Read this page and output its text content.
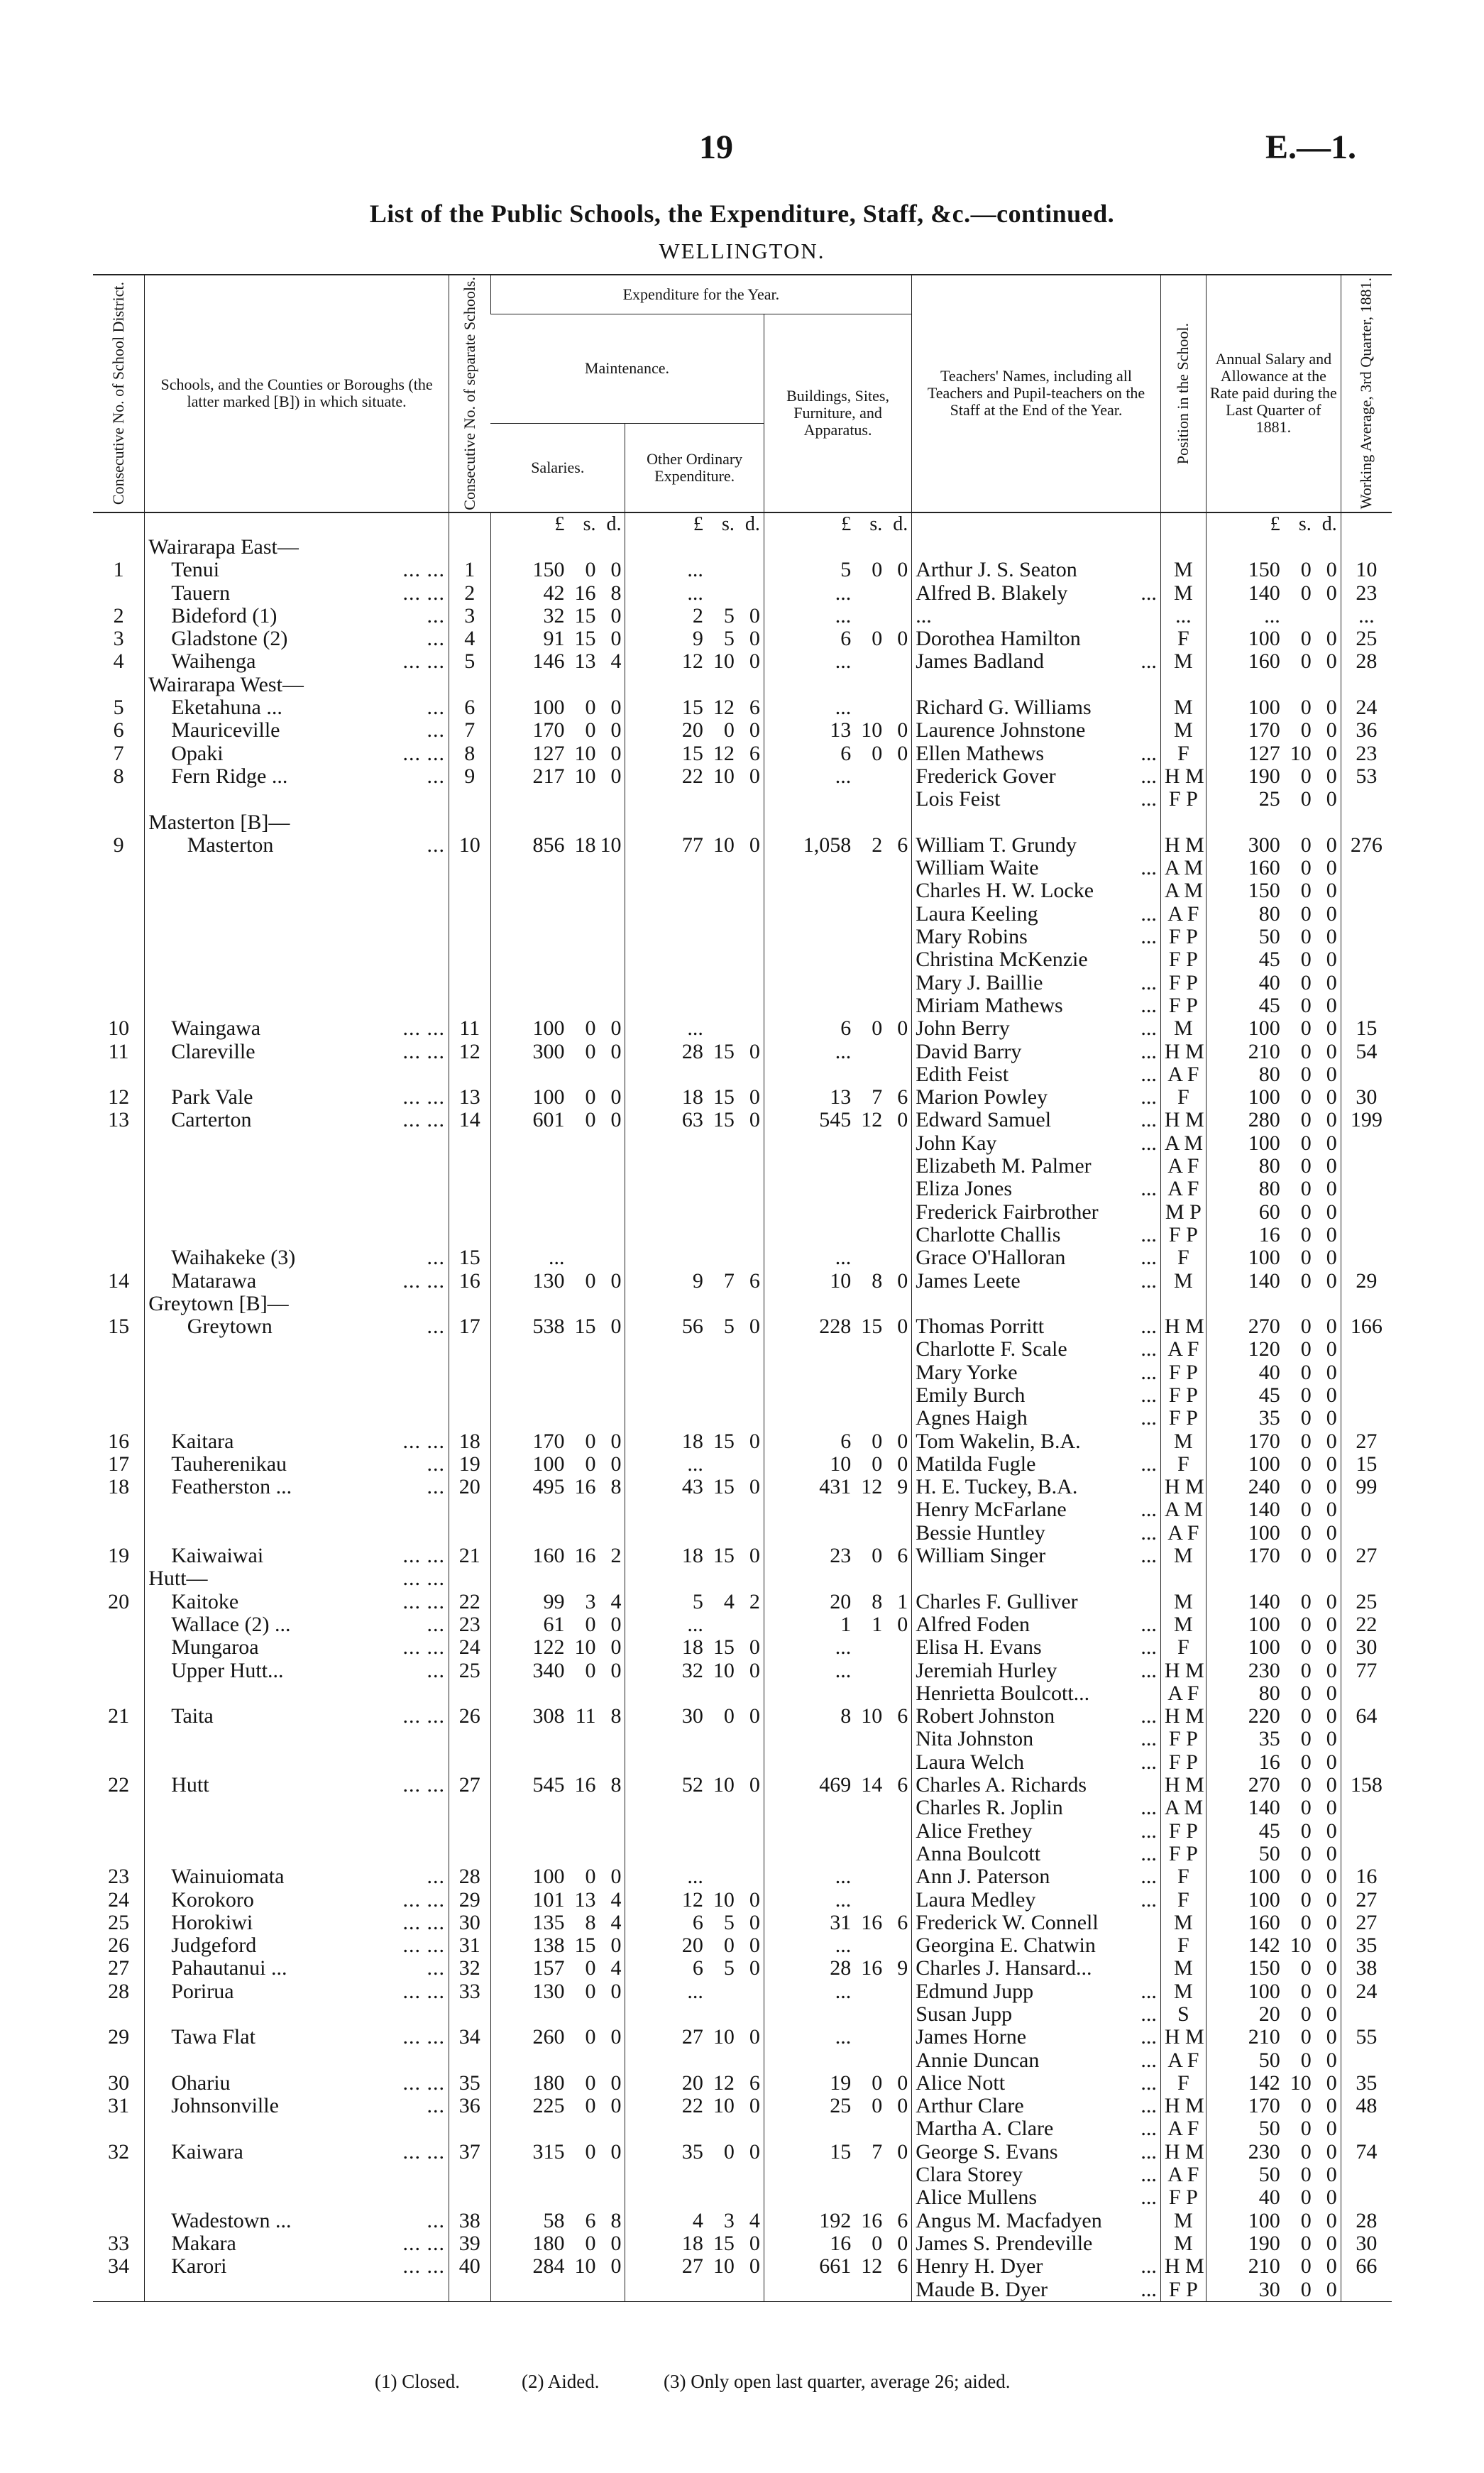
19	E.—1.
List of the Public Schools, the Expenditure, Staff, &c.—continued.
WELLINGTON.
Consecutive No. of School District.	Schools, and the Counties or Boroughs (the latter marked [B]) in which situate.	Consecutive No. of separate Schools.	Expenditure for the Year.			Teachers' Names, including all Teachers and Pupil-teachers on the Staff at the End of the Year.	Position in the School.	Annual Salary and Allowance at the Rate paid during the Last Quarter of 1881.	Working Average, 3rd Quarter, 1881.

			Maintenance.		Buildings, Sites, Furniture, and Apparatus.				
			Salaries.	Other Ordinary Expenditure.					

			£ s. d.	£ s. d.	£ s. d.			£ s. d.	

	Wairarapa East—								

1	Tenui ... ...	1	150 0 0	...	5 0 0	Arthur J. S. Seaton	M	150 0 0	10

	Tauern ... ...	2	42 16 8	...	...	Alfred B. Blakely ...	M	140 0 0	23
2	Bideford (1) ...	3	32 15 0	2 5 0	...	...	...	...	...
3	Gladstone (2) ...	4	91 15 0	9 5 0	6 0 0	Dorothea Hamilton	F	100 0 0	25
4	Waihenga ... ...	5	146 13 4	12 10 0	...	James Badland ...	M	160 0 0	28

	Wairarapa West—								

5	Eketahuna ... ...	6	100 0 0	15 12 6	...	Richard G. Williams	M	100 0 0	24
6	Mauriceville ...	7	170 0 0	20 0 0	13 10 0	Laurence Johnstone	M	170 0 0	36
7	Opaki ... ...	8	127 10 0	15 12 6	6 0 0	Ellen Mathews ...	F	127 10 0	23
8	Fern Ridge ... ...	9	217 10 0	22 10 0	...	Frederick Gover ...	H M	190 0 0	53

						Lois Feist ...	F P	25 0 0	

	Masterton [B]—								

9	Masterton ...	10	856 18 10	77 10 0	1,058 2 6	William T. Grundy	H M	300 0 0	276

						William Waite ...	A M	160 0 0	

						Charles H. W. Locke	A M	150 0 0	

						Laura Keeling ...	A F	80 0 0	

						Mary Robins ...	F P	50 0 0	

						Christina McKenzie	F P	45 0 0	

						Mary J. Baillie ...	F P	40 0 0	

						Miriam Mathews ...	F P	45 0 0	

10	Waingawa ... ...	11	100 0 0	...	6 0 0	John Berry ...	M	100 0 0	15
11	Clareville ... ...	12	300 0 0	28 15 0	...	David Barry ...	H M	210 0 0	54

						Edith Feist ...	A F	80 0 0	

12	Park Vale ... ...	13	100 0 0	18 15 0	13 7 6	Marion Powley ...	F	100 0 0	30
13	Carterton ... ...	14	601 0 0	63 15 0	545 12 0	Edward Samuel ...	H M	280 0 0	199

						John Kay ...	A M	100 0 0	

						Elizabeth M. Palmer	A F	80 0 0	

						Eliza Jones ...	A F	80 0 0	

						Frederick Fairbrother	M P	60 0 0	

						Charlotte Challis ...	F P	16 0 0	

	Waihakeke (3) ...	15	...		...	Grace O'Halloran ...	F	100 0 0	

14	Matarawa ... ...	16	130 0 0	9 7 6	10 8 0	James Leete ...	M	140 0 0	29

	Greytown [B]—								

15	Greytown ...	17	538 15 0	56 5 0	228 15 0	Thomas Porritt ...	H M	270 0 0	166

						Charlotte F. Scale ...	A F	120 0 0	

						Mary Yorke ...	F P	40 0 0	

						Emily Burch ...	F P	45 0 0	

						Agnes Haigh ...	F P	35 0 0	

16	Kaitara ... ...	18	170 0 0	18 15 0	6 0 0	Tom Wakelin, B.A.	M	170 0 0	27
17	Tauherenikau ...	19	100 0 0	...	10 0 0	Matilda Fugle ...	F	100 0 0	15
18	Featherston ... ...	20	495 16 8	43 15 0	431 12 9	H. E. Tuckey, B.A.	H M	240 0 0	99

						Henry McFarlane ...	A M	140 0 0	

						Bessie Huntley ...	A F	100 0 0	

19	Kaiwaiwai ... ...	21	160 16 2	18 15 0	23 0 6	William Singer ...	M	170 0 0	27

	Hutt— ... ...								

20	Kaitoke ... ...	22	99 3 4	5 4 2	20 8 1	Charles F. Gulliver	M	140 0 0	25

	Wallace (2) ... ...	23	61 0 0	...	1 1 0	Alfred Foden ...	M	100 0 0	22

	Mungaroa ... ...	24	122 10 0	18 15 0	...	Elisa H. Evans ...	F	100 0 0	30

	Upper Hutt... ...	25	340 0 0	32 10 0	...	Jeremiah Hurley ...	H M	230 0 0	77

						Henrietta Boulcott...	A F	80 0 0	

21	Taita ... ...	26	308 11 8	30 0 0	8 10 6	Robert Johnston ...	H M	220 0 0	64

						Nita Johnston ...	F P	35 0 0	

						Laura Welch ...	F P	16 0 0	

22	Hutt ... ...	27	545 16 8	52 10 0	469 14 6	Charles A. Richards	H M	270 0 0	158

						Charles R. Joplin ...	A M	140 0 0	

						Alice Frethey ...	F P	45 0 0	

						Anna Boulcott ...	F P	50 0 0	

23	Wainuiomata ...	28	100 0 0	...	...	Ann J. Paterson ...	F	100 0 0	16
24	Korokoro ... ...	29	101 13 4	12 10 0	...	Laura Medley ...	F	100 0 0	27
25	Horokiwi ... ...	30	135 8 4	6 5 0	31 16 6	Frederick W. Connell	M	160 0 0	27
26	Judgeford ... ...	31	138 15 0	20 0 0	...	Georgina E. Chatwin	F	142 10 0	35
27	Pahautanui ... ...	32	157 0 4	6 5 0	28 16 9	Charles J. Hansard...	M	150 0 0	38
28	Porirua ... ...	33	130 0 0	...	...	Edmund Jupp ...	M	100 0 0	24

						Susan Jupp ...	S	20 0 0	

29	Tawa Flat ... ...	34	260 0 0	27 10 0	...	James Horne ...	H M	210 0 0	55

						Annie Duncan ...	A F	50 0 0	

30	Ohariu ... ...	35	180 0 0	20 12 6	19 0 0	Alice Nott ...	F	142 10 0	35
31	Johnsonville ...	36	225 0 0	22 10 0	25 0 0	Arthur Clare ...	H M	170 0 0	48

						Martha A. Clare ...	A F	50 0 0	

32	Kaiwara ... ...	37	315 0 0	35 0 0	15 7 0	George S. Evans ...	H M	230 0 0	74

						Clara Storey ...	A F	50 0 0	

						Alice Mullens ...	F P	40 0 0	

	Wadestown ... ...	38	58 6 8	4 3 4	192 16 6	Angus M. Macfadyen	M	100 0 0	28
33	Makara ... ...	39	180 0 0	18 15 0	16 0 0	James S. Prendeville	M	190 0 0	30
34	Karori ... ...	40	284 10 0	27 10 0	661 12 6	Henry H. Dyer ...	H M	210 0 0	66

						Maude B. Dyer ...	F P	30 0 0	

(1) Closed.	(2) Aided.	(3) Only open last quarter, average 26; aided.
